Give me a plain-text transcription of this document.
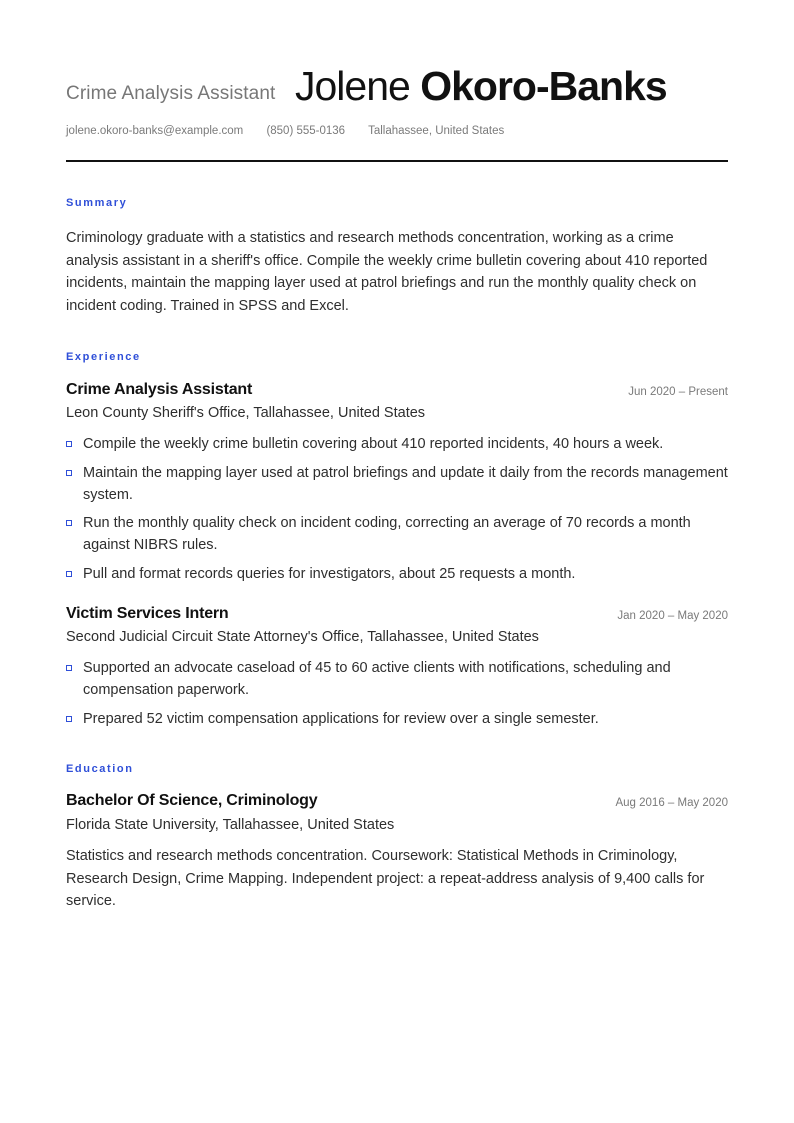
Crime Analysis Assistant Jolene Okoro-Banks
jolene.okoro-banks@example.com (850) 555-0136 Tallahassee, United States
Summary

Criminology graduate with a statistics and research methods concentration, working as a crime analysis assistant in a sheriff's office. Compile the weekly crime bulletin covering about 410 reported incidents, maintain the mapping layer used at patrol briefings and run the monthly quality check on incident coding. Trained in SPSS and Excel.

Experience
Crime Analysis Assistant	Jun 2020 – Present
Leon County Sheriff's Office, Tallahassee, United States
Compile the weekly crime bulletin covering about 410 reported incidents, 40 hours a week.
Maintain the mapping layer used at patrol briefings and update it daily from the records management system.
Run the monthly quality check on incident coding, correcting an average of 70 records a month against NIBRS rules.
Pull and format records queries for investigators, about 25 requests a month.
Victim Services Intern	Jan 2020 – May 2020
Second Judicial Circuit State Attorney's Office, Tallahassee, United States
Supported an advocate caseload of 45 to 60 active clients with notifications, scheduling and compensation paperwork.
Prepared 52 victim compensation applications for review over a single semester.
Education
Bachelor Of Science, Criminology	Aug 2016 – May 2020
Florida State University, Tallahassee, United States

Statistics and research methods concentration. Coursework: Statistical Methods in Criminology, Research Design, Crime Mapping. Independent project: a repeat-address analysis of 9,400 calls for service.
